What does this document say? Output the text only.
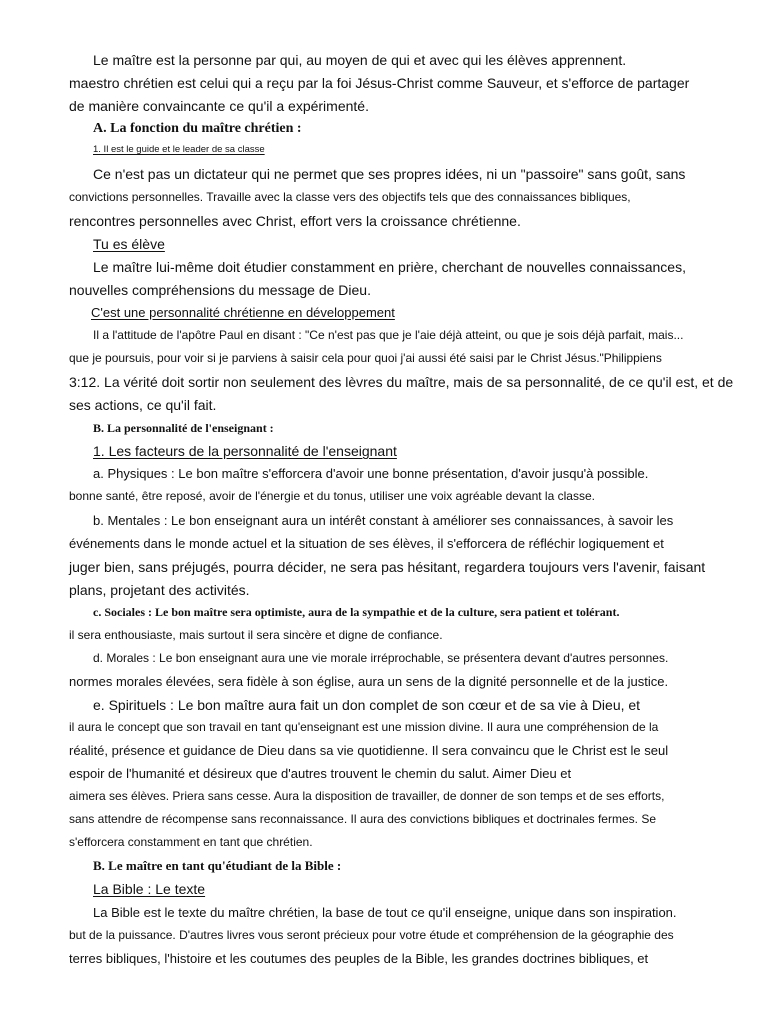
Le maître est la personne par qui, au moyen de qui et avec qui les élèves apprennent.
maestro chrétien est celui qui a reçu par la foi Jésus-Christ comme Sauveur, et s'efforce de partager
de manière convaincante ce qu'il a expérimenté.
A. La fonction du maître chrétien :
1. Il est le guide et le leader de sa classe
Ce n'est pas un dictateur qui ne permet que ses propres idées, ni un "passoire" sans goût, sans
convictions personnelles. Travaille avec la classe vers des objectifs tels que des connaissances bibliques,
rencontres personnelles avec Christ, effort vers la croissance chrétienne.
Tu es élève
Le maître lui-même doit étudier constamment en prière, cherchant de nouvelles connaissances,
nouvelles compréhensions du message de Dieu.
C'est une personnalité chrétienne en développement
Il a l'attitude de l'apôtre Paul en disant : "Ce n'est pas que je l'aie déjà atteint, ou que je sois déjà parfait, mais...
que je poursuis, pour voir si je parviens à saisir cela pour quoi j'ai aussi été saisi par le Christ Jésus."Philippiens
3:12. La vérité doit sortir non seulement des lèvres du maître, mais de sa personnalité, de ce qu'il est, et de
ses actions, ce qu'il fait.
B. La personnalité de l'enseignant :
1. Les facteurs de la personnalité de l'enseignant
a. Physiques : Le bon maître s'efforcera d'avoir une bonne présentation, d'avoir jusqu'à possible.
bonne santé, être reposé, avoir de l'énergie et du tonus, utiliser une voix agréable devant la classe.
b. Mentales : Le bon enseignant aura un intérêt constant à améliorer ses connaissances, à savoir les
événements dans le monde actuel et la situation de ses élèves, il s'efforcera de réfléchir logiquement et
juger bien, sans préjugés, pourra décider, ne sera pas hésitant, regardera toujours vers l'avenir, faisant
plans, projetant des activités.
c. Sociales : Le bon maître sera optimiste, aura de la sympathie et de la culture, sera patient et tolérant.
il sera enthousiaste, mais surtout il sera sincère et digne de confiance.
d. Morales : Le bon enseignant aura une vie morale irréprochable, se présentera devant d'autres personnes.
normes morales élevées, sera fidèle à son église, aura un sens de la dignité personnelle et de la justice.
e. Spirituels : Le bon maître aura fait un don complet de son cœur et de sa vie à Dieu, et
il aura le concept que son travail en tant qu'enseignant est une mission divine. Il aura une compréhension de la
réalité, présence et guidance de Dieu dans sa vie quotidienne. Il sera convaincu que le Christ est le seul
espoir de l'humanité et désireux que d'autres trouvent le chemin du salut. Aimer Dieu et
aimera ses élèves. Priera sans cesse. Aura la disposition de travailler, de donner de son temps et de ses efforts,
sans attendre de récompense sans reconnaissance. Il aura des convictions bibliques et doctrinales fermes. Se
s'efforcera constamment en tant que chrétien.
B. Le maître en tant qu'étudiant de la Bible :
La Bible : Le texte
La Bible est le texte du maître chrétien, la base de tout ce qu'il enseigne, unique dans son inspiration.
but de la puissance. D'autres livres vous seront précieux pour votre étude et compréhension de la géographie des
terres bibliques, l'histoire et les coutumes des peuples de la Bible, les grandes doctrines bibliques, et
